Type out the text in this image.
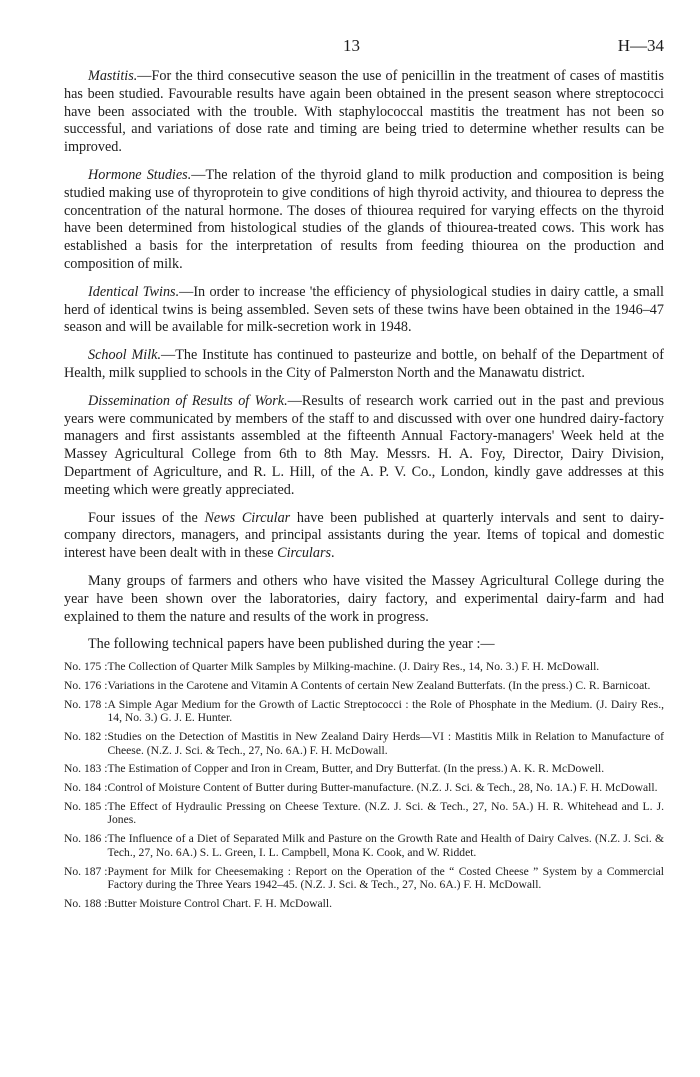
13	H—34

Mastitis.—For the third consecutive season the use of penicillin in the treatment of cases of mastitis has been studied. Favourable results have again been obtained in the present season where streptococci have been associated with the trouble. With staphylococcal mastitis the treatment has not been so successful, and variations of dose rate and timing are being tried to determine whether results can be improved.

Hormone Studies.—The relation of the thyroid gland to milk production and composition is being studied making use of thyroprotein to give conditions of high thyroid activity, and thiourea to depress the concentration of the natural hormone. The doses of thiourea required for varying effects on the thyroid have been determined from histological studies of the glands of thiourea-treated cows. This work has established a basis for the interpretation of results from feeding thiourea on the production and composition of milk.

Identical Twins.—In order to increase 'the efficiency of physiological studies in dairy cattle, a small herd of identical twins is being assembled. Seven sets of these twins have been obtained in the 1946–47 season and will be available for milk-secretion work in 1948.

School Milk.—The Institute has continued to pasteurize and bottle, on behalf of the Department of Health, milk supplied to schools in the City of Palmerston North and the Manawatu district.

Dissemination of Results of Work.—Results of research work carried out in the past and previous years were communicated by members of the staff to and discussed with over one hundred dairy-factory managers and first assistants assembled at the fifteenth Annual Factory-managers' Week held at the Massey Agricultural College from 6th to 8th May. Messrs. H. A. Foy, Director, Dairy Division, Department of Agriculture, and R. L. Hill, of the A. P. V. Co., London, kindly gave addresses at this meeting which were greatly appreciated.

Four issues of the News Circular have been published at quarterly intervals and sent to dairy-company directors, managers, and principal assistants during the year. Items of topical and domestic interest have been dealt with in these Circulars.

Many groups of farmers and others who have visited the Massey Agricultural College during the year have been shown over the laboratories, dairy factory, and experimental dairy-farm and had explained to them the nature and results of the work in progress.

The following technical papers have been published during the year :—

No. 175 : The Collection of Quarter Milk Samples by Milking-machine. (J. Dairy Res., 14, No. 3.) F. H. McDowall.
No. 176 : Variations in the Carotene and Vitamin A Contents of certain New Zealand Butterfats. (In the press.) C. R. Barnicoat.
No. 178 : A Simple Agar Medium for the Growth of Lactic Streptococci : the Role of Phosphate in the Medium. (J. Dairy Res., 14, No. 3.) G. J. E. Hunter.
No. 182 : Studies on the Detection of Mastitis in New Zealand Dairy Herds—VI : Mastitis Milk in Relation to Manufacture of Cheese. (N.Z. J. Sci. & Tech., 27, No. 6A.) F. H. McDowall.
No. 183 : The Estimation of Copper and Iron in Cream, Butter, and Dry Butterfat. (In the press.) A. K. R. McDowell.
No. 184 : Control of Moisture Content of Butter during Butter-manufacture. (N.Z. J. Sci. & Tech., 28, No. 1A.) F. H. McDowall.
No. 185 : The Effect of Hydraulic Pressing on Cheese Texture. (N.Z. J. Sci. & Tech., 27, No. 5A.) H. R. Whitehead and L. J. Jones.
No. 186 : The Influence of a Diet of Separated Milk and Pasture on the Growth Rate and Health of Dairy Calves. (N.Z. J. Sci. & Tech., 27, No. 6A.) S. L. Green, I. L. Campbell, Mona K. Cook, and W. Riddet.
No. 187 : Payment for Milk for Cheesemaking : Report on the Operation of the “ Costed Cheese ” System by a Commercial Factory during the Three Years 1942–45. (N.Z. J. Sci. & Tech., 27, No. 6A.) F. H. McDowall.
No. 188 : Butter Moisture Control Chart. F. H. McDowall.
